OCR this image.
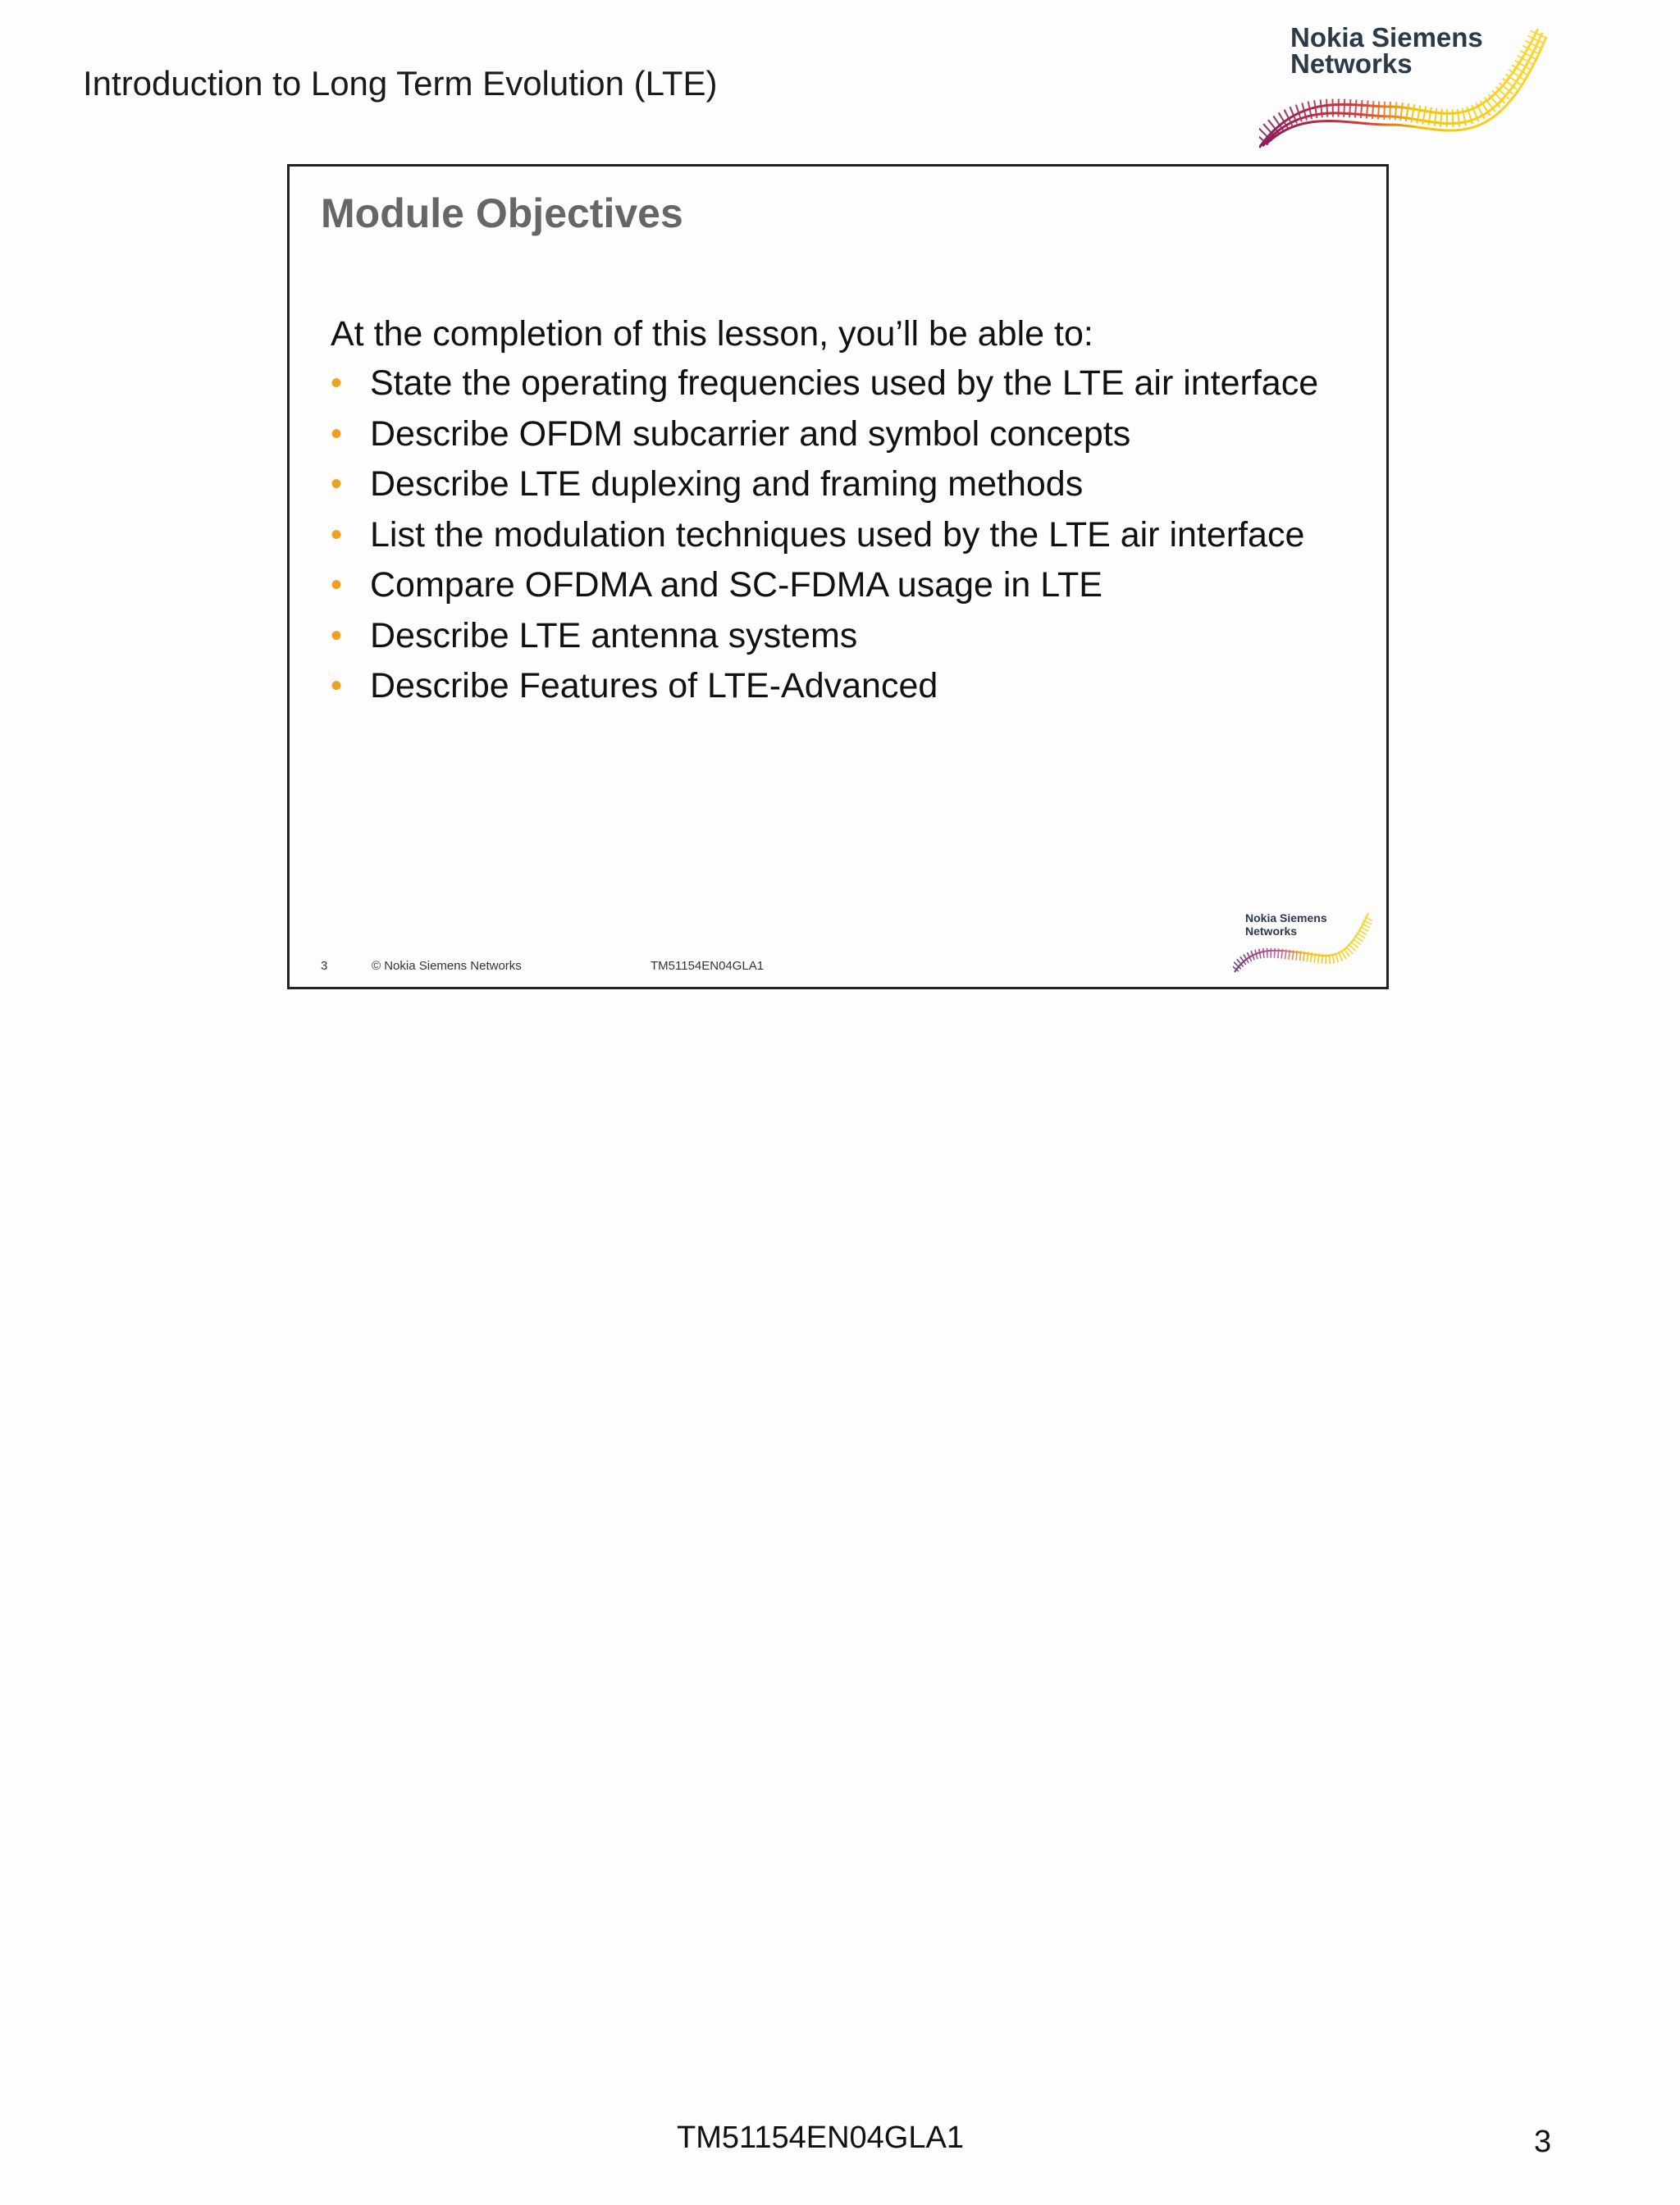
Introduction to Long Term Evolution (LTE)
Nokia Siemens
Networks
Module Objectives
At the completion of this lesson, you’ll be able to:
• State the operating frequencies used by the LTE air interface
• Describe OFDM subcarrier and symbol concepts
• Describe LTE duplexing and framing methods
• List the modulation techniques used by the LTE air interface
• Compare OFDMA and SC-FDMA usage in LTE
• Describe LTE antenna systems
• Describe Features of LTE-Advanced
3	© Nokia Siemens Networks	TM51154EN04GLA1
Nokia Siemens
Networks
TM51154EN04GLA1	3
